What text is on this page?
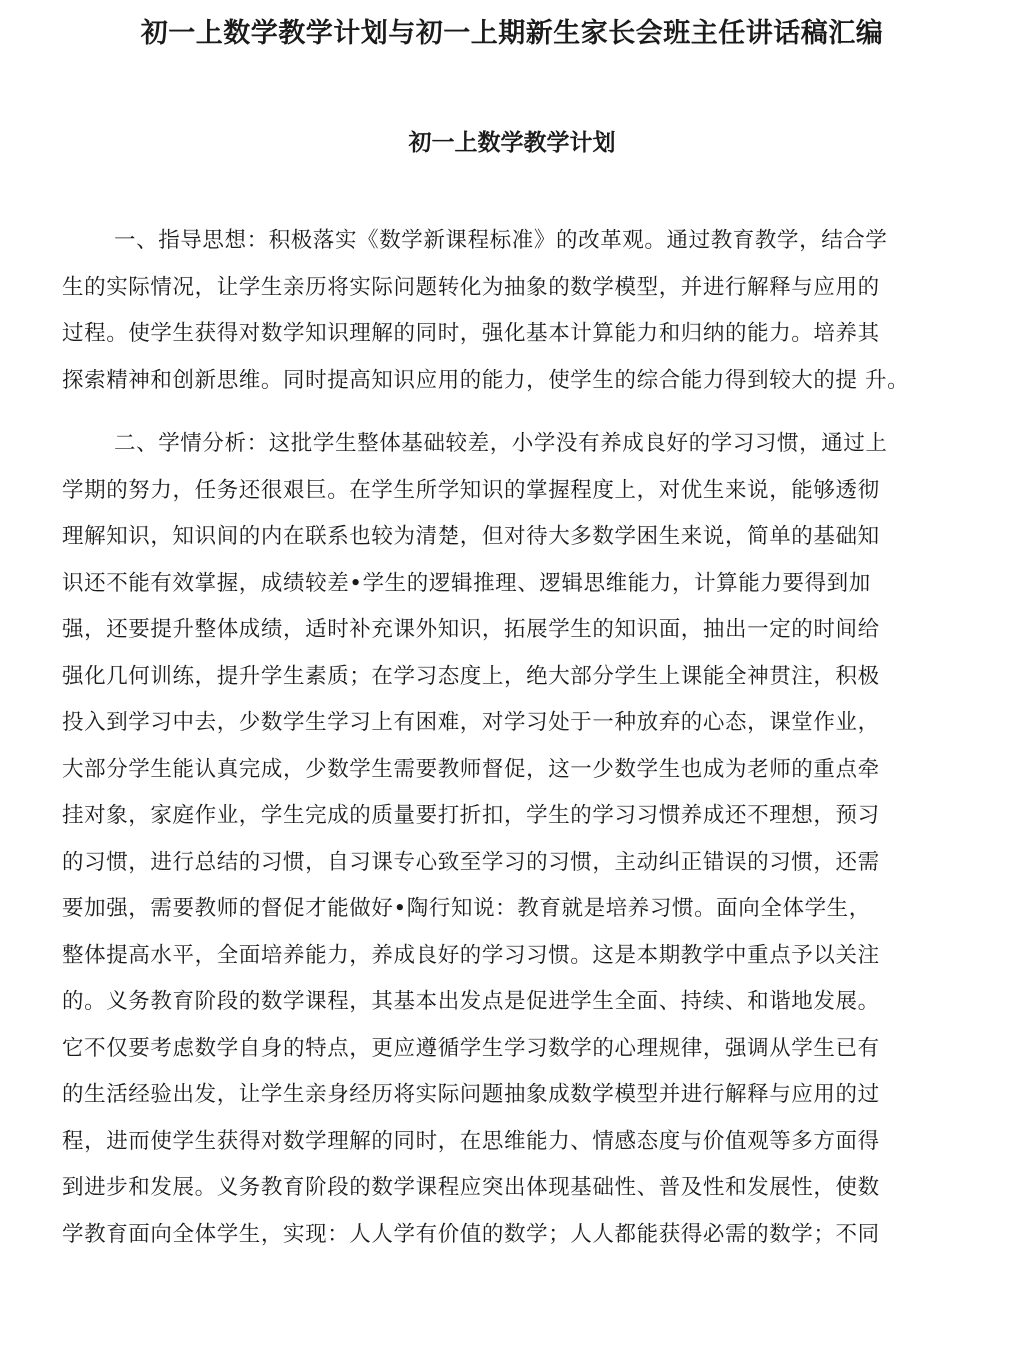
初一上数学教学计划与初一上期新生家长会班主任讲话稿汇编
初一上数学教学计划
一、指导思想：积极落实《数学新课程标准》的改革观。通过教育教学，结合学
生的实际情况，让学生亲历将实际问题转化为抽象的数学模型，并进行解释与应用的
过程。使学生获得对数学知识理解的同时，强化基本计算能力和归纳的能力。培养其
探索精神和创新思维。同时提高知识应用的能力，使学生的综合能力得到较大的提 升。
二、学情分析：这批学生整体基础较差，小学没有养成良好的学习习惯，通过上
学期的努力，任务还很艰巨。在学生所学知识的掌握程度上，对优生来说，能够透彻
理解知识，知识间的内在联系也较为清楚，但对待大多数学困生来说，简单的基础知
识还不能有效掌握，成绩较差•学生的逻辑推理、逻辑思维能力，计算能力要得到加
强，还要提升整体成绩，适时补充课外知识，拓展学生的知识面，抽出一定的时间给
强化几何训练，提升学生素质；在学习态度上，绝大部分学生上课能全神贯注，积极
投入到学习中去，少数学生学习上有困难，对学习处于一种放弃的心态，课堂作业，
大部分学生能认真完成，少数学生需要教师督促，这一少数学生也成为老师的重点牵
挂对象，家庭作业，学生完成的质量要打折扣，学生的学习习惯养成还不理想，预习
的习惯，进行总结的习惯，自习课专心致至学习的习惯，主动纠正错误的习惯，还需
要加强，需要教师的督促才能做好•陶行知说：教育就是培养习惯。面向全体学生，
整体提高水平，全面培养能力，养成良好的学习习惯。这是本期教学中重点予以关注
的。义务教育阶段的数学课程，其基本出发点是促进学生全面、持续、和谐地发展。
它不仅要考虑数学自身的特点，更应遵循学生学习数学的心理规律，强调从学生已有
的生活经验出发，让学生亲身经历将实际问题抽象成数学模型并进行解释与应用的过
程，进而使学生获得对数学理解的同时，在思维能力、情感态度与价值观等多方面得
到进步和发展。义务教育阶段的数学课程应突出体现基础性、普及性和发展性，使数
学教育面向全体学生，实现：人人学有价值的数学；人人都能获得必需的数学；不同
